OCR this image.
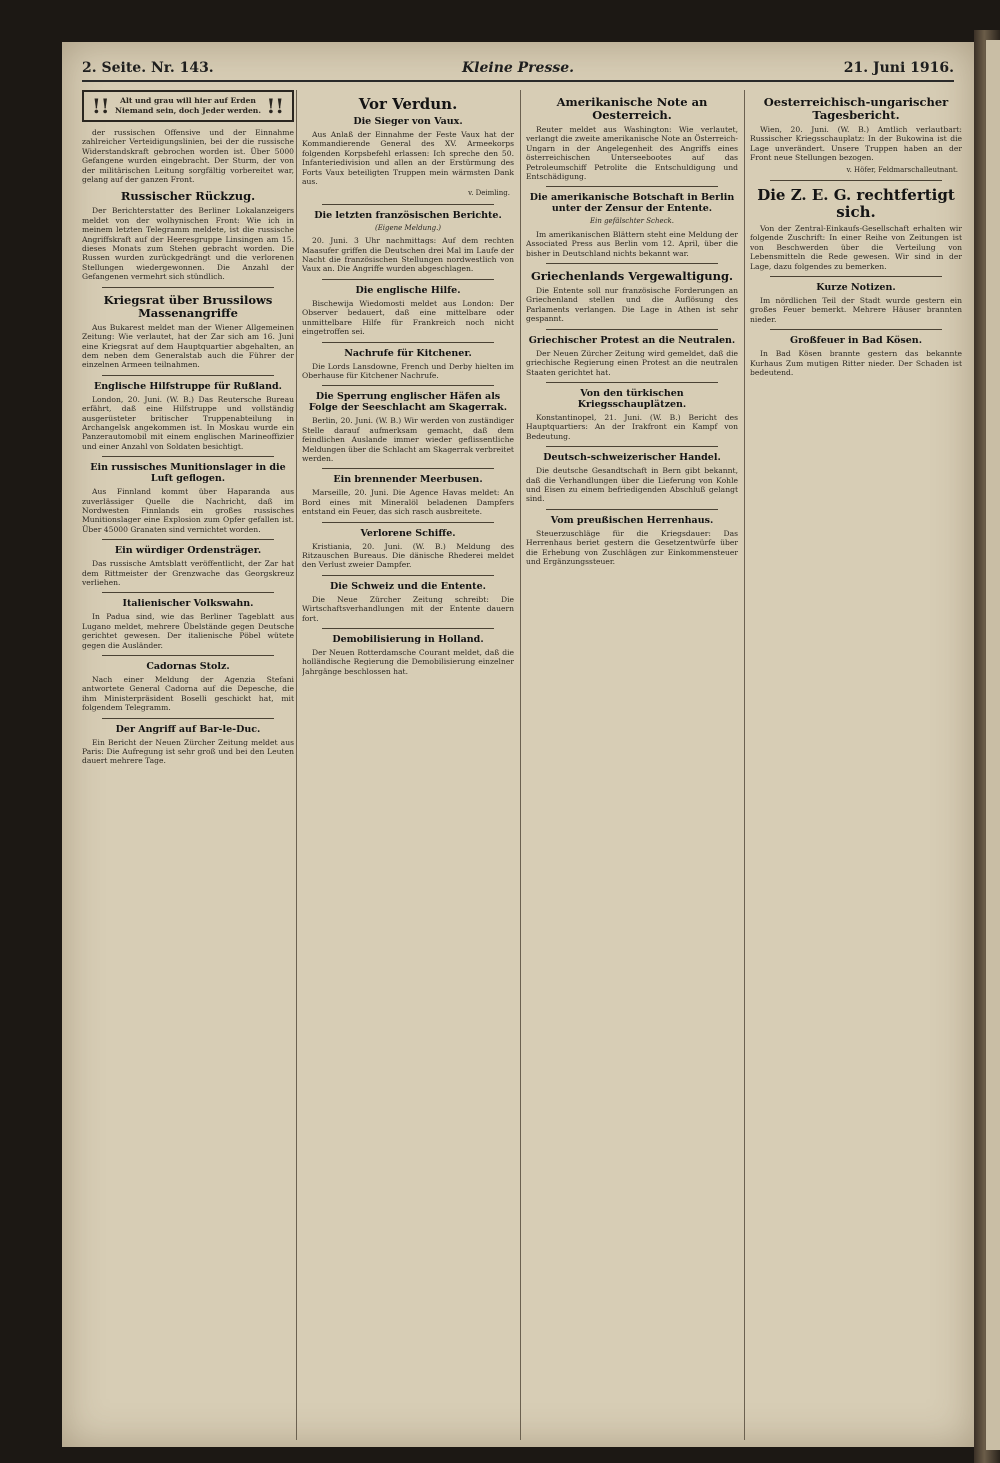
2. Seite. Nr. 143.	Kleine Presse.	21. Juni 1916.
!!	!!
Alt und grau will hier auf Erden Niemand sein, doch Jeder werden.

der russischen Offensive und der Einnahme zahlreicher Verteidigungslinien, bei der die russische Widerstandskraft gebrochen worden ist. Über 5000 Gefangene wurden eingebracht. Der Sturm, der von der militärischen Leitung sorgfältig vorbereitet war, gelang auf der ganzen Front.

Russischer Rückzug.

Der Berichterstatter des Berliner Lokalanzeigers meldet von der wolhynischen Front: Wie ich in meinem letzten Telegramm meldete, ist die russische Angriffskraft auf der Heeresgruppe Linsingen am 15. dieses Monats zum Stehen gebracht worden. Die Russen wurden zurückgedrängt und die verlorenen Stellungen wiedergewonnen. Die Anzahl der Gefangenen vermehrt sich stündlich.

Kriegsrat über Brussilows Massenangriffe

Aus Bukarest meldet man der Wiener Allgemeinen Zeitung: Wie verlautet, hat der Zar sich am 16. Juni eine Kriegsrat auf dem Hauptquartier abgehalten, an dem neben dem Generalstab auch die Führer der einzelnen Armeen teilnahmen.

Englische Hilfstruppe für Rußland.

London, 20. Juni. (W. B.) Das Reutersche Bureau erfährt, daß eine Hilfstruppe und vollständig ausgerüsteter britischer Truppenabteilung in Archangelsk angekommen ist. In Moskau wurde ein Panzerautomobil mit einem englischen Marineoffizier und einer Anzahl von Soldaten besichtigt.

Ein russisches Munitionslager in die Luft geflogen.

Aus Finnland kommt über Haparanda aus zuverlässiger Quelle die Nachricht, daß im Nordwesten Finnlands ein großes russisches Munitionslager eine Explosion zum Opfer gefallen ist. Über 45000 Granaten sind vernichtet worden.

Ein würdiger Ordensträger.

Das russische Amtsblatt veröffentlicht, der Zar hat dem Rittmeister der Grenzwache das Georgskreuz verliehen.

Italienischer Volkswahn.

In Padua sind, wie das Berliner Tageblatt aus Lugano meldet, mehrere Übelstände gegen Deutsche gerichtet gewesen. Der italienische Pöbel wütete gegen die Ausländer.

Cadornas Stolz.

Nach einer Meldung der Agenzia Stefani antwortete General Cadorna auf die Depesche, die ihm Ministerpräsident Boselli geschickt hat, mit folgendem Telegramm.

Der Angriff auf Bar-le-Duc.

Ein Bericht der Neuen Zürcher Zeitung meldet aus Paris: Die Aufregung ist sehr groß und bei den Leuten dauert mehrere Tage.

Vor Verdun.
Die Sieger von Vaux.

Aus Anlaß der Einnahme der Feste Vaux hat der Kommandierende General des XV. Armeekorps folgenden Korpsbefehl erlassen: Ich spreche den 50. Infanteriedivision und allen an der Erstürmung des Forts Vaux beteiligten Truppen mein wärmsten Dank aus.

v. Deimling.
Die letzten französischen Berichte.
(Eigene Meldung.)

20. Juni. 3 Uhr nachmittags: Auf dem rechten Maasufer griffen die Deutschen drei Mal im Laufe der Nacht die französischen Stellungen nordwestlich von Vaux an. Die Angriffe wurden abgeschlagen.

Die englische Hilfe.

Bischewija Wiedomosti meldet aus London: Der Observer bedauert, daß eine mittelbare oder unmittelbare Hilfe für Frankreich noch nicht eingetroffen sei.

Nachrufe für Kitchener.

Die Lords Lansdowne, French und Derby hielten im Oberhause für Kitchener Nachrufe.

Die Sperrung englischer Häfen als Folge der Seeschlacht am Skagerrak.

Berlin, 20. Juni. (W. B.) Wir werden von zuständiger Stelle darauf aufmerksam gemacht, daß dem feindlichen Auslande immer wieder geflissentliche Meldungen über die Schlacht am Skagerrak verbreitet werden.

Ein brennender Meerbusen.

Marseille, 20. Juni. Die Agence Havas meldet: An Bord eines mit Mineralöl beladenen Dampfers entstand ein Feuer, das sich rasch ausbreitete.

Verlorene Schiffe.

Kristiania, 20. Juni. (W. B.) Meldung des Ritzauschen Bureaus. Die dänische Rhederei meldet den Verlust zweier Dampfer.

Die Schweiz und die Entente.

Die Neue Zürcher Zeitung schreibt: Die Wirtschaftsverhandlungen mit der Entente dauern fort.

Demobilisierung in Holland.

Der Neuen Rotterdamsche Courant meldet, daß die holländische Regierung die Demobilisierung einzelner Jahrgänge beschlossen hat.

Amerikanische Note an Oesterreich.

Reuter meldet aus Washington: Wie verlautet, verlangt die zweite amerikanische Note an Österreich-Ungarn in der Angelegenheit des Angriffs eines österreichischen Unterseebootes auf das Petroleumschiff Petrolite die Entschuldigung und Entschädigung.

Die amerikanische Botschaft in Berlin unter der Zensur der Entente.
Ein gefälschter Scheck.

Im amerikanischen Blättern steht eine Meldung der Associated Press aus Berlin vom 12. April, über die bisher in Deutschland nichts bekannt war.

Griechenlands Vergewaltigung.

Die Entente soll nur französische Forderungen an Griechenland stellen und die Auflösung des Parlaments verlangen. Die Lage in Athen ist sehr gespannt.

Griechischer Protest an die Neutralen.

Der Neuen Zürcher Zeitung wird gemeldet, daß die griechische Regierung einen Protest an die neutralen Staaten gerichtet hat.

Von den türkischen Kriegsschauplätzen.

Konstantinopel, 21. Juni. (W. B.) Bericht des Hauptquartiers: An der Irakfront ein Kampf von Bedeutung.

Deutsch-schweizerischer Handel.

Die deutsche Gesandtschaft in Bern gibt bekannt, daß die Verhandlungen über die Lieferung von Kohle und Eisen zu einem befriedigenden Abschluß gelangt sind.

Vom preußischen Herrenhaus.

Steuerzuschläge für die Kriegsdauer: Das Herrenhaus beriet gestern die Gesetzentwürfe über die Erhebung von Zuschlägen zur Einkommensteuer und Ergänzungssteuer.

Oesterreichisch-ungarischer Tagesbericht.

Wien, 20. Juni. (W. B.) Amtlich verlautbart: Russischer Kriegsschauplatz: In der Bukowina ist die Lage unverändert. Unsere Truppen haben an der Front neue Stellungen bezogen.

v. Höfer, Feldmarschalleutnant.
Die Z. E. G. rechtfertigt sich.

Von der Zentral-Einkaufs-Gesellschaft erhalten wir folgende Zuschrift: In einer Reihe von Zeitungen ist von Beschwerden über die Verteilung von Lebensmitteln die Rede gewesen. Wir sind in der Lage, dazu folgendes zu bemerken.

Kurze Notizen.

Im nördlichen Teil der Stadt wurde gestern ein großes Feuer bemerkt. Mehrere Häuser brannten nieder.

Großfeuer in Bad Kösen.

In Bad Kösen brannte gestern das bekannte Kurhaus Zum mutigen Ritter nieder. Der Schaden ist bedeutend.
